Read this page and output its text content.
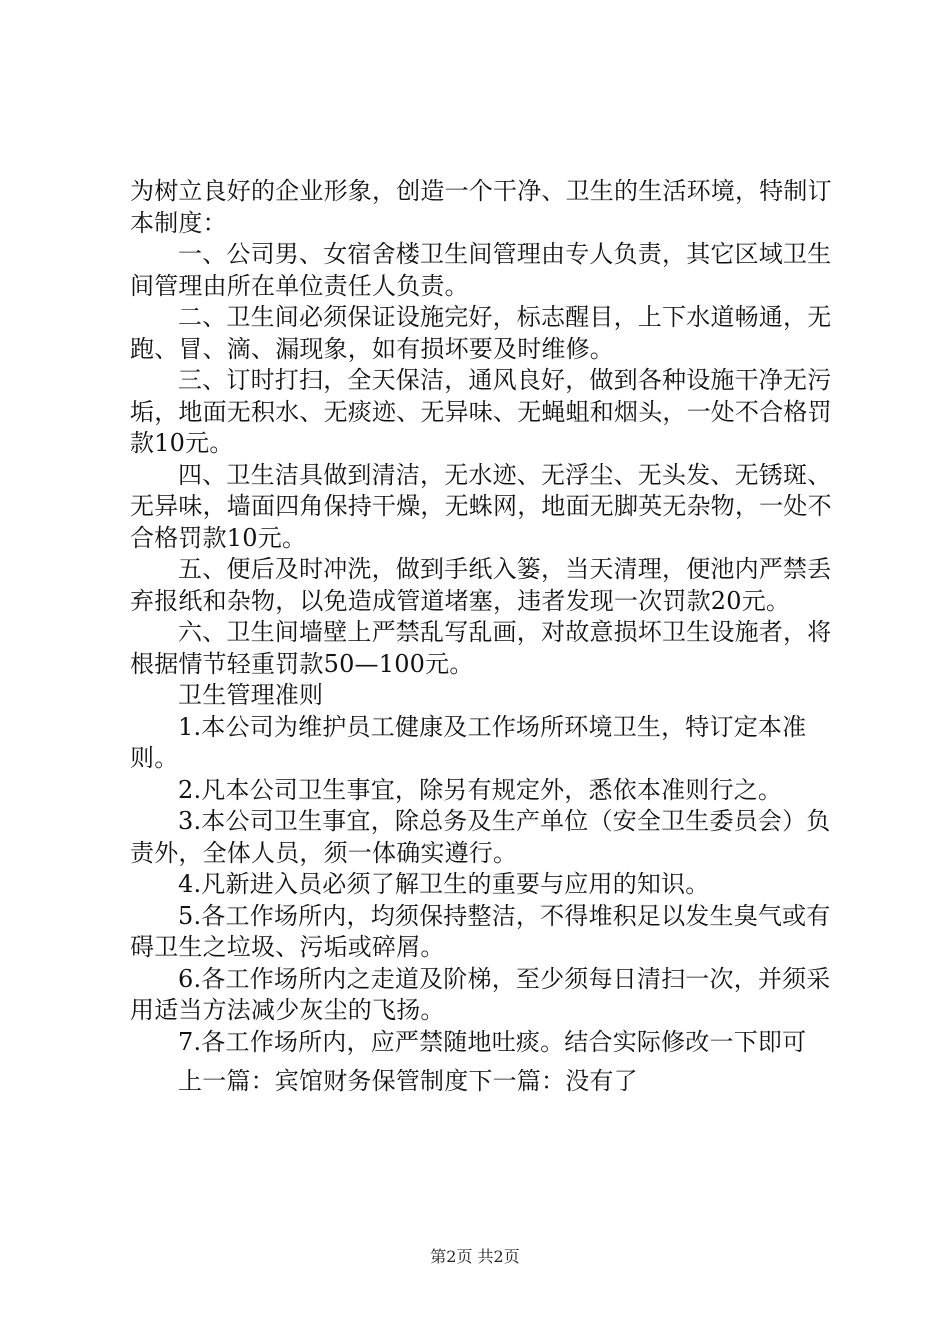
为树立良好的企业形象，创造一个干净、卫生的生活环境，特制订本制度：

一、公司男、女宿舍楼卫生间管理由专人负责，其它区域卫生间管理由所在单位责任人负责。

二、卫生间必须保证设施完好，标志醒目，上下水道畅通，无跑、冒、滴、漏现象，如有损坏要及时维修。

三、订时打扫，全天保洁，通风良好，做到各种设施干净无污垢，地面无积水、无痰迹、无异味、无蝇蛆和烟头，一处不合格罚款10元。

四、卫生洁具做到清洁，无水迹、无浮尘、无头发、无锈斑、无异味，墙面四角保持干燥，无蛛网，地面无脚英无杂物，一处不合格罚款10元。

五、便后及时冲洗，做到手纸入篓，当天清理，便池内严禁丢弃报纸和杂物，以免造成管道堵塞，违者发现一次罚款20元。

六、卫生间墙壁上严禁乱写乱画，对故意损坏卫生设施者，将根据情节轻重罚款50—100元。

卫生管理准则

1.本公司为维护员工健康及工作场所环境卫生，特订定本准则。

2.凡本公司卫生事宜，除另有规定外，悉依本准则行之。

3.本公司卫生事宜，除总务及生产单位（安全卫生委员会）负责外，全体人员，须一体确实遵行。

4.凡新进入员必须了解卫生的重要与应用的知识。

5.各工作场所内，均须保持整洁，不得堆积足以发生臭气或有碍卫生之垃圾、污垢或碎屑。

6.各工作场所内之走道及阶梯，至少须每日清扫一次，并须采用适当方法减少灰尘的飞扬。

7.各工作场所内，应严禁随地吐痰。结合实际修改一下即可

上一篇：宾馆财务保管制度下一篇：没有了

第2页 共2页
